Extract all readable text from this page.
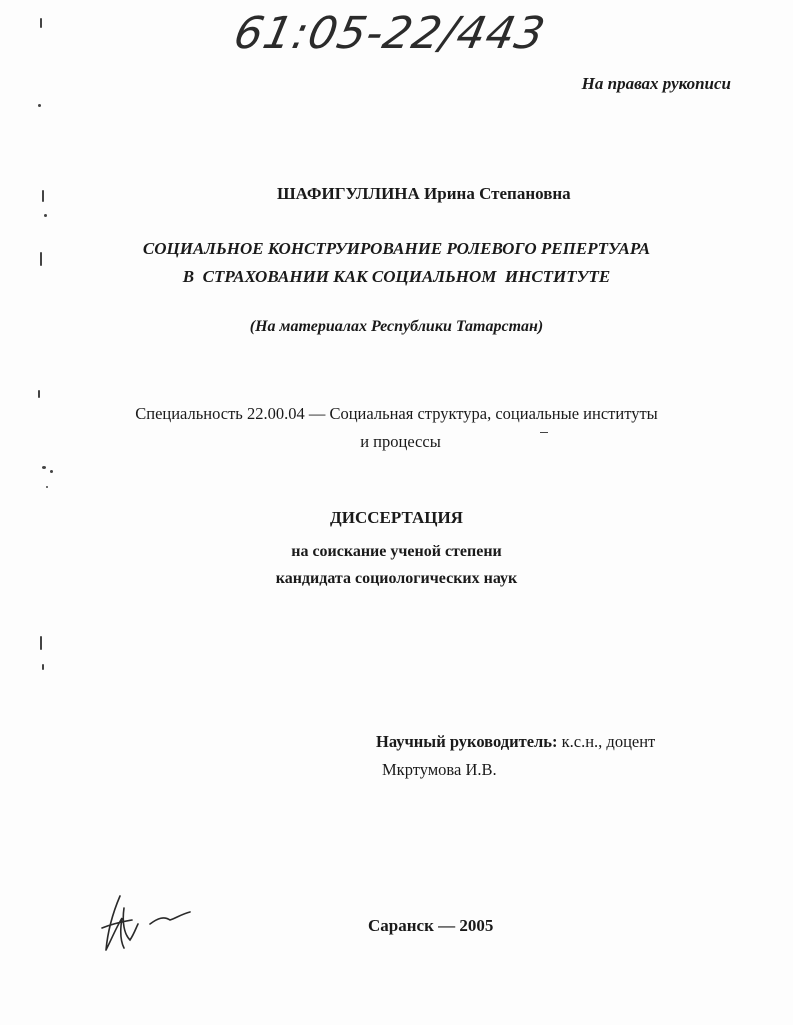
61:05-22/443
На правах рукописи
ШАФИГУЛЛИНА Ирина Степановна
СОЦИАЛЬНОЕ КОНСТРУИРОВАНИЕ РОЛЕВОГО РЕПЕРТУАРА
В  СТРАХОВАНИИ КАК СОЦИАЛЬНОМ  ИНСТИТУТЕ
(На материалах Республики Татарстан)
Специальность 22.00.04 — Социальная структура, социальные институты
и процессы
ДИССЕРТАЦИЯ
на соискание ученой степени
кандидата социологических наук
Научный руководитель: к.с.н., доцент
Мкртумова И.В.
Саранск — 2005
